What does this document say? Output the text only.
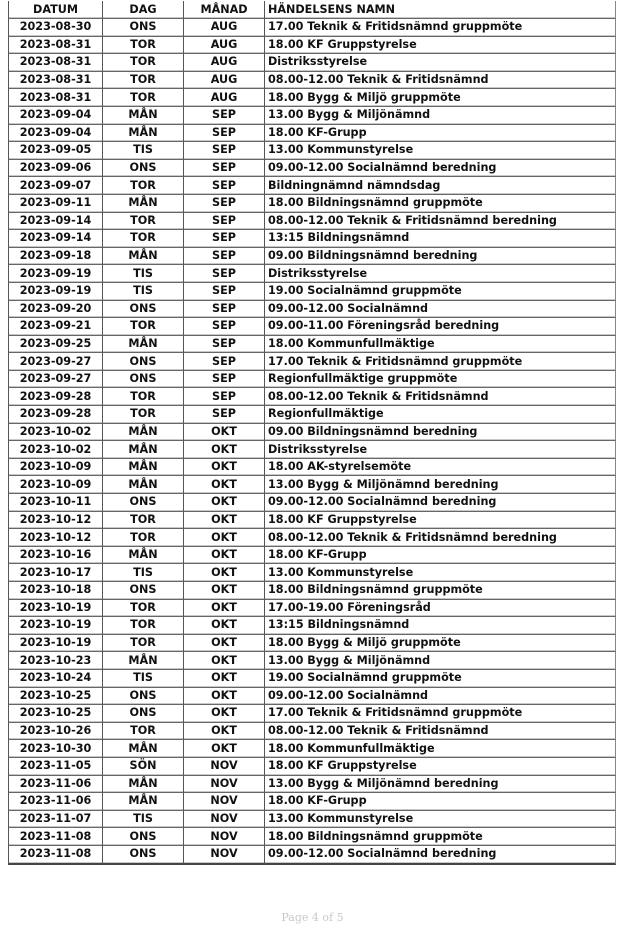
DATUM	DAG	MÅNAD	HÄNDELSENS NAMN
2023-08-30	ONS	AUG	17.00 Teknik & Fritidsnämnd gruppmöte
2023-08-31	TOR	AUG	18.00 KF Gruppstyrelse
2023-08-31	TOR	AUG	Distriksstyrelse
2023-08-31	TOR	AUG	08.00-12.00 Teknik & Fritidsnämnd
2023-08-31	TOR	AUG	18.00 Bygg & Miljö gruppmöte
2023-09-04	MÅN	SEP	13.00 Bygg & Miljönämnd
2023-09-04	MÅN	SEP	18.00 KF-Grupp
2023-09-05	TIS	SEP	13.00 Kommunstyrelse
2023-09-06	ONS	SEP	09.00-12.00 Socialnämnd beredning
2023-09-07	TOR	SEP	Bildningnämnd nämndsdag
2023-09-11	MÅN	SEP	18.00 Bildningsnämnd gruppmöte
2023-09-14	TOR	SEP	08.00-12.00 Teknik & Fritidsnämnd beredning
2023-09-14	TOR	SEP	13:15 Bildningsnämnd
2023-09-18	MÅN	SEP	09.00 Bildningsnämnd beredning
2023-09-19	TIS	SEP	Distriksstyrelse
2023-09-19	TIS	SEP	19.00 Socialnämnd gruppmöte
2023-09-20	ONS	SEP	09.00-12.00 Socialnämnd
2023-09-21	TOR	SEP	09.00-11.00 Föreningsråd beredning
2023-09-25	MÅN	SEP	18.00 Kommunfullmäktige
2023-09-27	ONS	SEP	17.00 Teknik & Fritidsnämnd gruppmöte
2023-09-27	ONS	SEP	Regionfullmäktige gruppmöte
2023-09-28	TOR	SEP	08.00-12.00 Teknik & Fritidsnämnd
2023-09-28	TOR	SEP	Regionfullmäktige
2023-10-02	MÅN	OKT	09.00 Bildningsnämnd beredning
2023-10-02	MÅN	OKT	Distriksstyrelse
2023-10-09	MÅN	OKT	18.00 AK-styrelsemöte
2023-10-09	MÅN	OKT	13.00 Bygg & Miljönämnd beredning
2023-10-11	ONS	OKT	09.00-12.00 Socialnämnd beredning
2023-10-12	TOR	OKT	18.00 KF Gruppstyrelse
2023-10-12	TOR	OKT	08.00-12.00 Teknik & Fritidsnämnd beredning
2023-10-16	MÅN	OKT	18.00 KF-Grupp
2023-10-17	TIS	OKT	13.00 Kommunstyrelse
2023-10-18	ONS	OKT	18.00 Bildningsnämnd gruppmöte
2023-10-19	TOR	OKT	17.00-19.00 Föreningsråd
2023-10-19	TOR	OKT	13:15 Bildningsnämnd
2023-10-19	TOR	OKT	18.00 Bygg & Miljö gruppmöte
2023-10-23	MÅN	OKT	13.00 Bygg & Miljönämnd
2023-10-24	TIS	OKT	19.00 Socialnämnd gruppmöte
2023-10-25	ONS	OKT	09.00-12.00 Socialnämnd
2023-10-25	ONS	OKT	17.00 Teknik & Fritidsnämnd gruppmöte
2023-10-26	TOR	OKT	08.00-12.00 Teknik & Fritidsnämnd
2023-10-30	MÅN	OKT	18.00 Kommunfullmäktige
2023-11-05	SÖN	NOV	18.00 KF Gruppstyrelse
2023-11-06	MÅN	NOV	13.00 Bygg & Miljönämnd beredning
2023-11-06	MÅN	NOV	18.00 KF-Grupp
2023-11-07	TIS	NOV	13.00 Kommunstyrelse
2023-11-08	ONS	NOV	18.00 Bildningsnämnd gruppmöte
2023-11-08	ONS	NOV	09.00-12.00 Socialnämnd beredning
Page 4 of 5
